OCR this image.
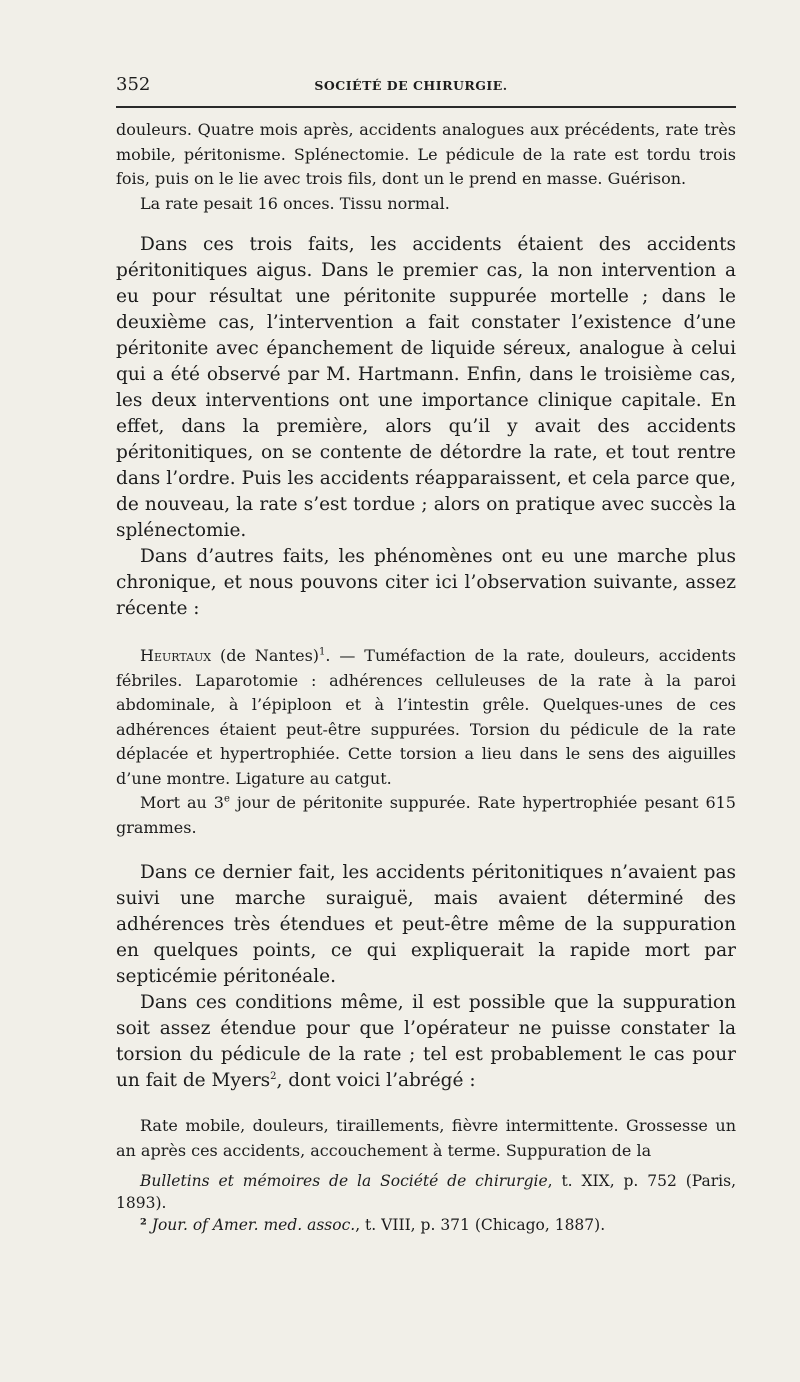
352	SOCIÉTÉ DE CHIRURGIE.

douleurs. Quatre mois après, accidents analogues aux précédents, rate très mobile, péritonisme. Splénectomie. Le pédicule de la rate est tordu trois fois, puis on le lie avec trois fils, dont un le prend en masse. Guérison.

La rate pesait 16 onces. Tissu normal.

Dans ces trois faits, les accidents étaient des accidents péritonitiques aigus. Dans le premier cas, la non intervention a eu pour résultat une péritonite suppurée mortelle ; dans le deuxième cas, l’intervention a fait constater l’existence d’une péritonite avec épanchement de liquide séreux, analogue à celui qui a été observé par M. Hartmann. Enfin, dans le troisième cas, les deux interventions ont une importance clinique capitale. En effet, dans la première, alors qu’il y avait des accidents péritonitiques, on se contente de détordre la rate, et tout rentre dans l’ordre. Puis les accidents réapparaissent, et cela parce que, de nouveau, la rate s’est tordue ; alors on pratique avec succès la splénectomie.

Dans d’autres faits, les phénomènes ont eu une marche plus chronique, et nous pouvons citer ici l’observation suivante, assez récente :

Heurtaux (de Nantes)$^1$. — Tuméfaction de la rate, douleurs, accidents fébriles. Laparotomie : adhérences celluleuses de la rate à la paroi abdominale, à l’épiploon et à l’intestin grêle. Quelques-unes de ces adhérences étaient peut-être suppurées. Torsion du pédicule de la rate déplacée et hypertrophiée. Cette torsion a lieu dans le sens des aiguilles d’une montre. Ligature au catgut.

Mort au 3e jour de péritonite suppurée. Rate hypertrophiée pesant 615 grammes.

Dans ce dernier fait, les accidents péritonitiques n’avaient pas suivi une marche suraiguë, mais avaient déterminé des adhérences très étendues et peut-être même de la suppuration en quelques points, ce qui expliquerait la rapide mort par septicémie péritonéale.

Dans ces conditions même, il est possible que la suppuration soit assez étendue pour que l’opérateur ne puisse constater la torsion du pédicule de la rate ; tel est probablement le cas pour un fait de Myers$^2$, dont voici l’abrégé :

Rate mobile, douleurs, tiraillements, fièvre intermittente. Grossesse un an après ces accidents, accouchement à terme. Suppuration de la

Bulletins et mémoires de la Société de chirurgie, t. XIX, p. 752 (Paris, 1893).

² Jour. of Amer. med. assoc., t. VIII, p. 371 (Chicago, 1887).
